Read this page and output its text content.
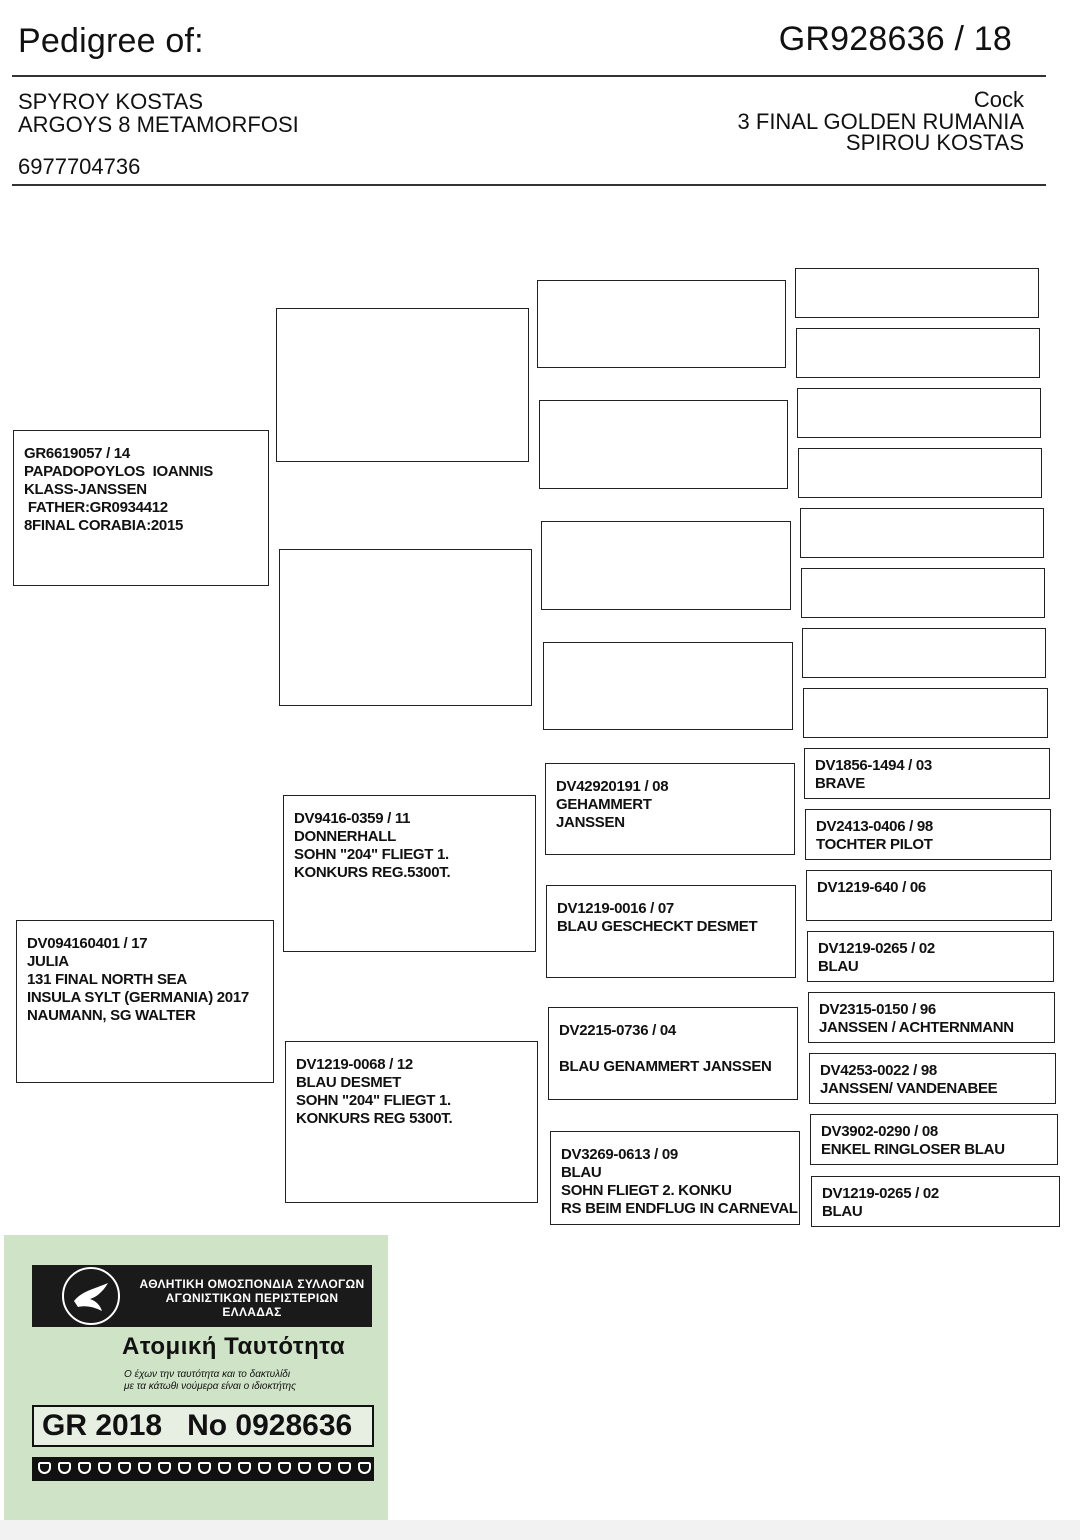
Pedigree of:	GR928636 / 18
SPYROY KOSTAS
ARGOYS 8 METAMORFOSI
6977704736
Cock
3 FINAL GOLDEN RUMANIA
SPIROU KOSTAS
GR6619057 / 14
PAPADOPOYLOS  IOANNIS
KLASS-JANSSEN
FATHER:GR0934412
8FINAL CORABIA:2015
DV094160401 / 17
JULIA
131 FINAL NORTH SEA
INSULA SYLT (GERMANIA) 2017
NAUMANN, SG WALTER
DV9416-0359 / 11
DONNERHALL
SOHN "204" FLIEGT 1.
KONKURS REG.5300T.
DV1219-0068 / 12
BLAU DESMET
SOHN "204" FLIEGT 1.
KONKURS REG 5300T.
DV42920191 / 08
GEHAMMERT
JANSSEN
DV1219-0016 / 07
BLAU GESCHECKT DESMET
DV2215-0736 / 04

BLAU GENAMMERT JANSSEN
DV3269-0613 / 09
BLAU
SOHN FLIEGT 2. KONKU
RS BEIM ENDFLUG IN CARNEVAL
DV1856-1494 / 03
BRAVE
DV2413-0406 / 98
TOCHTER PILOT
DV1219-640 / 06
DV1219-0265 / 02
BLAU
DV2315-0150 / 96
JANSSEN / ACHTERNMANN
DV4253-0022 / 98
JANSSEN/ VANDENABEE
DV3902-0290 / 08
ENKEL RINGLOSER BLAU
DV1219-0265 / 02
BLAU
ΑΘΛΗΤΙΚΗ ΟΜΟΣΠΟΝΔΙΑ ΣΥΛΛΟΓΩΝ
ΑΓΩΝΙΣΤΙΚΩΝ ΠΕΡΙΣΤΕΡΙΩΝ ΕΛΛΑΔΑΣ
Ατομική Ταυτότητα
Ο έχων την ταυτότητα και το δακτυλίδι
με τα κάτωθι νούμερα είναι ο ιδιοκτήτης
GR 2018   No 0928636
